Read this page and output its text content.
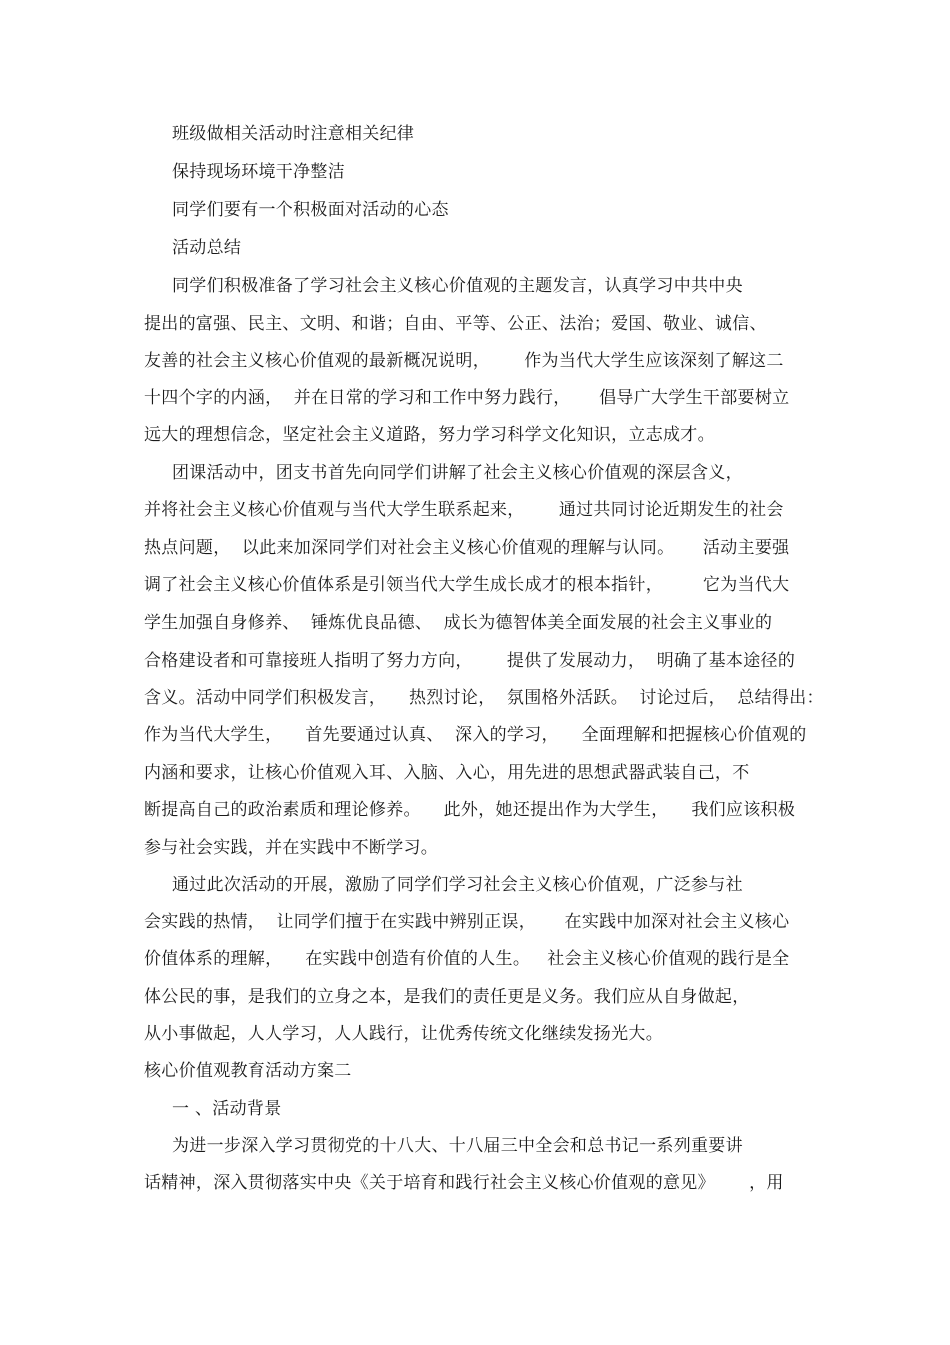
班级做相关活动时注意相关纪律
保持现场环境干净整洁
同学们要有一个积极面对活动的心态
活动总结
同学们积极准备了学习社会主义核心价值观的主题发言，认真学习中共中央
提出的富强、民主、文明、和谐；自由、平等、公正、法治；爱国、敬业、诚信、
友善的社会主义核心价值观的最新概况说明，      作为当代大学生应该深刻了解这二
十四个字的内涵，  并在日常的学习和工作中努力践行，     倡导广大学生干部要树立
远大的理想信念，坚定社会主义道路，努力学习科学文化知识，立志成才。
团课活动中，团支书首先向同学们讲解了社会主义核心价值观的深层含义，
并将社会主义核心价值观与当代大学生联系起来，      通过共同讨论近期发生的社会
热点问题，  以此来加深同学们对社会主义核心价值观的理解与认同。     活动主要强
调了社会主义核心价值体系是引领当代大学生成长成才的根本指针，       它为当代大
学生加强自身修养、  锤炼优良品德、  成长为德智体美全面发展的社会主义事业的
合格建设者和可靠接班人指明了努力方向，      提供了发展动力，  明确了基本途径的
含义。活动中同学们积极发言，    热烈讨论，  氛围格外活跃。  讨论过后，  总结得出：
作为当代大学生，    首先要通过认真、  深入的学习，    全面理解和把握核心价值观的
内涵和要求，让核心价值观入耳、入脑、入心，用先进的思想武器武装自己，不
断提高自己的政治素质和理论修养。    此外，她还提出作为大学生，    我们应该积极
参与社会实践，并在实践中不断学习。
通过此次活动的开展，激励了同学们学习社会主义核心价值观，广泛参与社
会实践的热情，  让同学们擅于在实践中辨别正误，     在实践中加深对社会主义核心
价值体系的理解，    在实践中创造有价值的人生。   社会主义核心价值观的践行是全
体公民的事，是我们的立身之本，是我们的责任更是义务。我们应从自身做起，
从小事做起，人人学习，人人践行，让优秀传统文化继续发扬光大。
核心价值观教育活动方案二
一 、活动背景
为进一步深入学习贯彻党的十八大、十八届三中全会和总书记一系列重要讲
话精神，深入贯彻落实中央《关于培育和践行社会主义核心价值观的意见》      ，用
